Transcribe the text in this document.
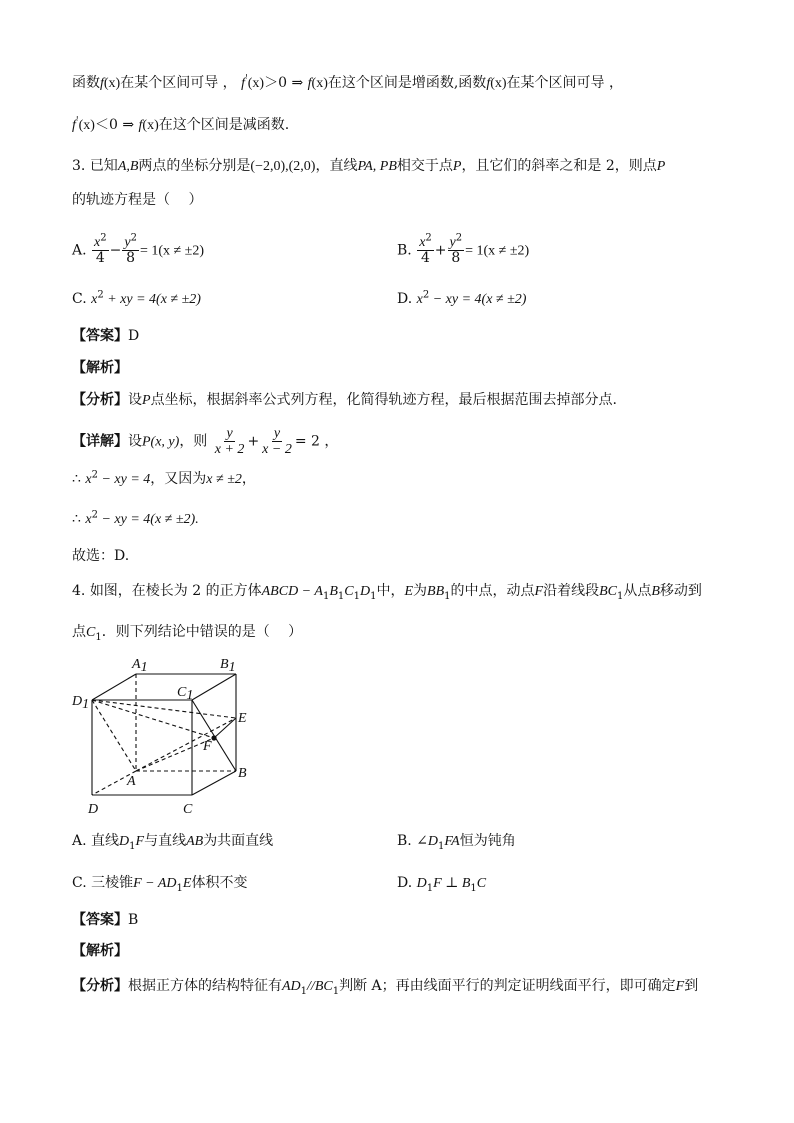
函数f(x)在某个区间可导 ， f'(x)＞0 ⇒ f(x)在这个区间是增函数,函数f(x)在某个区间可导 ，
f'(x)＜0 ⇒ f(x)在这个区间是减函数.
3. 已知A,B两点的坐标分别是(−2,0),(2,0)，直线PA, PB相交于点P，且它们的斜率之和是 2，则点P
的轨迹方程是（　 ）
A. $\frac{x^2}{4} - \frac{y^2}{8} = 1(x \ne \pm 2)$	B. $\frac{x^2}{4} + \frac{y^2}{8} = 1(x \ne \pm 2)$
C. $x^2$ + xy = 4(x ≠ ±2)	D. $x^2$ − xy = 4(x ≠ ±2)
【答案】D
【解析】
【分析】设P点坐标，根据斜率公式列方程，化简得轨迹方程，最后根据范围去掉部分点.
【详解】设P(x, y)，则 $\frac{y}{x + 2} + \frac{y}{x - 2} = 2$ ，
∴ $x^2$ − xy = 4，又因为x ≠ ±2，
∴ $x^2$ − xy = 4(x ≠ ±2).
故选：D.
4. 如图，在棱长为 2 的正方体ABCD − $A_1B_1C_1D_1$中，E为$BB_1$的中点，动点F沿着线段$BC_1$从点B移动到
点$C_1$．则下列结论中错误的是（　 ）
A1	B1
C1
D1
E
F
A
B
C
D
A. 直线$D_1F$与直线AB为共面直线	B. $\angle D_1FA$恒为钝角
C. 三棱锥$F - AD_1E$体积不变	D. $D_1F$ ⊥ $B_1C$
【答案】B
【解析】
【分析】根据正方体的结构特征有$AD_1//BC_1$判断 A；再由线面平行的判定证明线面平行，即可确定F到
